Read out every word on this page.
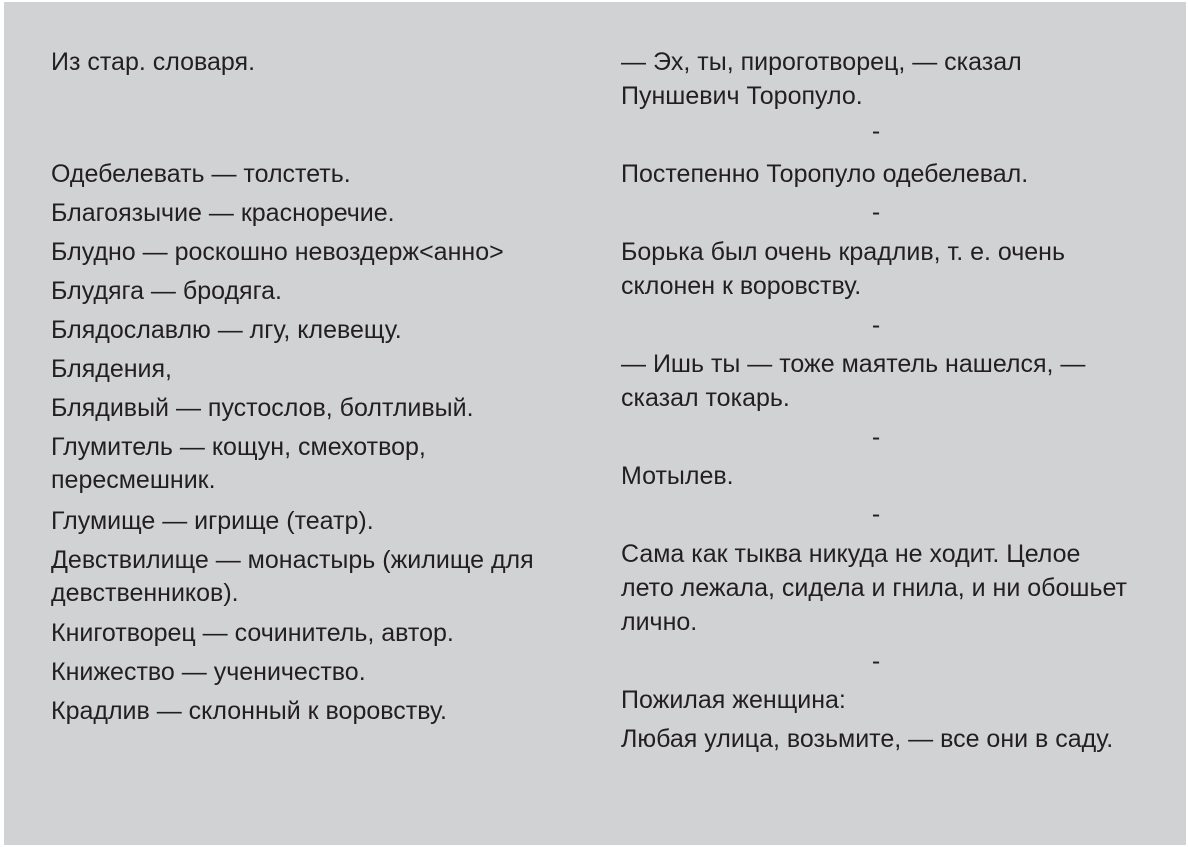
Из стар. словаря.
Одебелевать — толстеть.
Благоязычие — красноречие.
Блудно — роскошно невоздерж<анно>
Блудяга — бродяга.
Блядославлю — лгу, клевещу.
Блядения,
Блядивый — пустослов, болтливый.
Глумитель — кощун, смехотвор,
пересмешник.
Глумище — игрище (театр).
Девствилище — монастырь (жилище для
девственников).
Книготворец — сочинитель, автор.
Книжество — ученичество.
Крадлив — склонный к воровству.
— Эх, ты, пироготворец, — сказал
Пуншевич Торопуло.
-
Постепенно Торопуло одебелевал.
-
Борька был очень крадлив, т. е. очень
склонен к воровству.
-
— Ишь ты — тоже маятель нашелся, —
сказал токарь.
-
Мотылев.
-
Сама как тыква никуда не ходит. Целое
лето лежала, сидела и гнила, и ни обошьет
лично.
-
Пожилая женщина:
Любая улица, возьмите, — все они в саду.
